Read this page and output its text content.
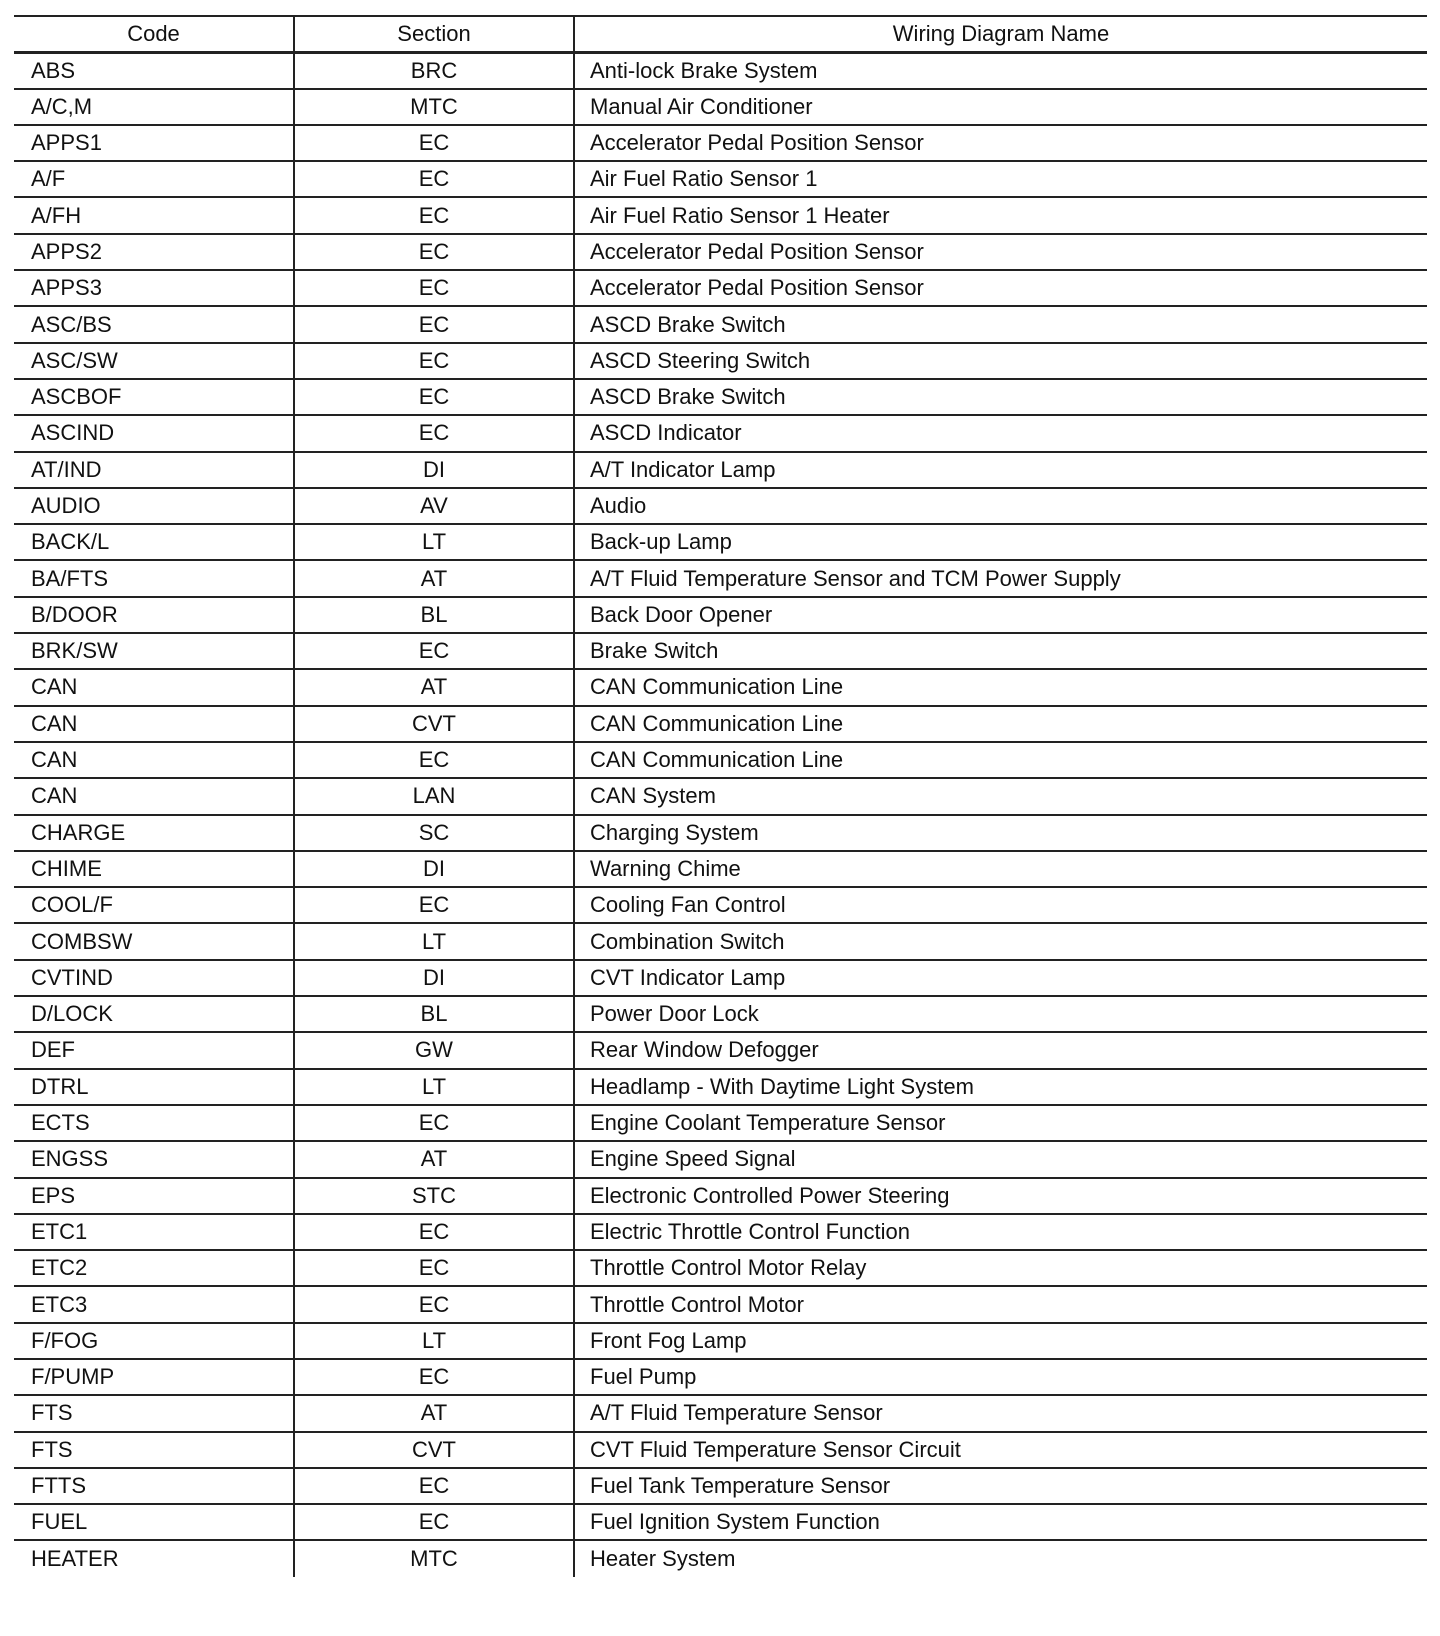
Code	Section	Wiring Diagram Name
ABS	BRC	Anti-lock Brake System
A/C,M	MTC	Manual Air Conditioner
APPS1	EC	Accelerator Pedal Position Sensor
A/F	EC	Air Fuel Ratio Sensor 1
A/FH	EC	Air Fuel Ratio Sensor 1 Heater
APPS2	EC	Accelerator Pedal Position Sensor
APPS3	EC	Accelerator Pedal Position Sensor
ASC/BS	EC	ASCD Brake Switch
ASC/SW	EC	ASCD Steering Switch
ASCBOF	EC	ASCD Brake Switch
ASCIND	EC	ASCD Indicator
AT/IND	DI	A/T Indicator Lamp
AUDIO	AV	Audio
BACK/L	LT	Back-up Lamp
BA/FTS	AT	A/T Fluid Temperature Sensor and TCM Power Supply
B/DOOR	BL	Back Door Opener
BRK/SW	EC	Brake Switch
CAN	AT	CAN Communication Line
CAN	CVT	CAN Communication Line
CAN	EC	CAN Communication Line
CAN	LAN	CAN System
CHARGE	SC	Charging System
CHIME	DI	Warning Chime
COOL/F	EC	Cooling Fan Control
COMBSW	LT	Combination Switch
CVTIND	DI	CVT Indicator Lamp
D/LOCK	BL	Power Door Lock
DEF	GW	Rear Window Defogger
DTRL	LT	Headlamp - With Daytime Light System
ECTS	EC	Engine Coolant Temperature Sensor
ENGSS	AT	Engine Speed Signal
EPS	STC	Electronic Controlled Power Steering
ETC1	EC	Electric Throttle Control Function
ETC2	EC	Throttle Control Motor Relay
ETC3	EC	Throttle Control Motor
F/FOG	LT	Front Fog Lamp
F/PUMP	EC	Fuel Pump
FTS	AT	A/T Fluid Temperature Sensor
FTS	CVT	CVT Fluid Temperature Sensor Circuit
FTTS	EC	Fuel Tank Temperature Sensor
FUEL	EC	Fuel Ignition System Function
HEATER	MTC	Heater System
